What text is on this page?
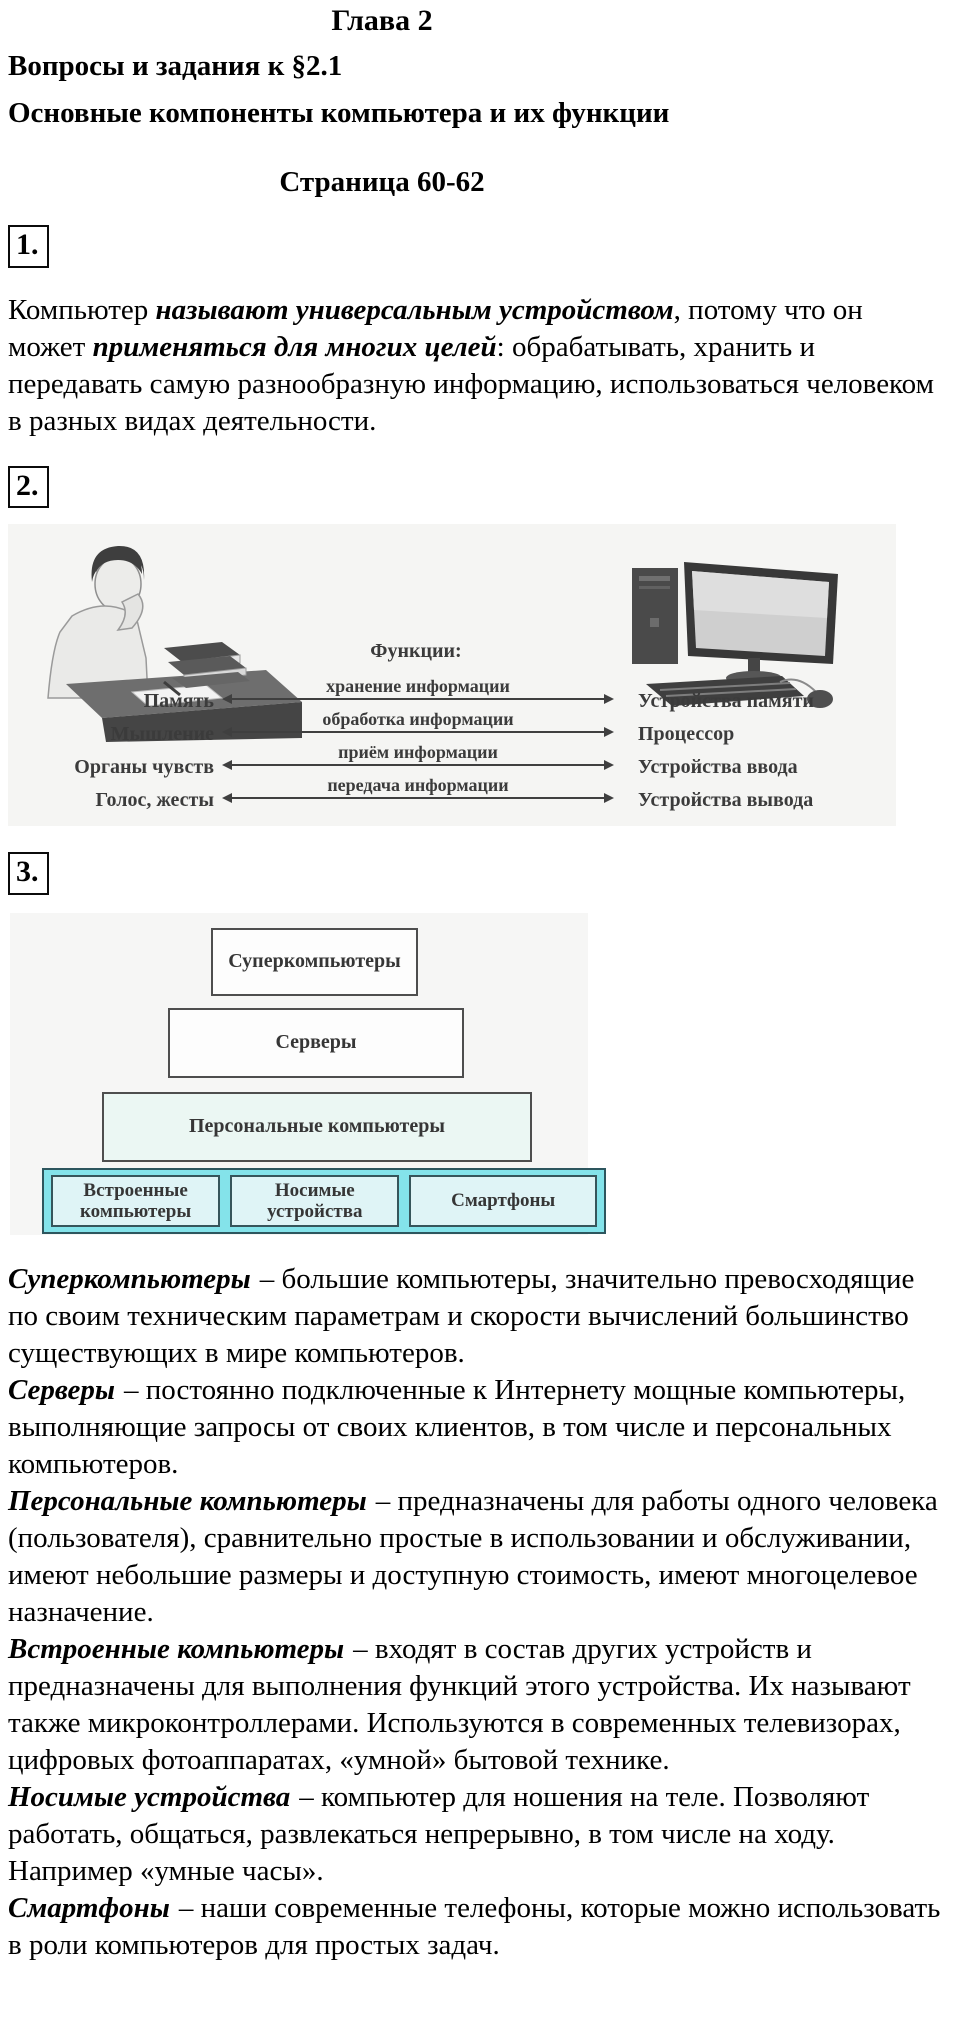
Глава 2
Вопросы и задания к §2.1
Основные компоненты компьютера и их функции
Страница 60-62
1.

Компьютер называют универсальным устройством, потому что он может применяться для многих целей: обрабатывать, хранить и передавать самую разнообразную информацию, использоваться человеком в разных видах деятельности.

2.
Функции:
Память
хранение информации
Устройства памяти
Мышление
обработка информации
Процессор
Органы чувств
приём информации
Устройства ввода
Голос, жесты
передача информации
Устройства вывода
3.
Суперкомпьютеры
Серверы
Персональные компьютеры
Встроенные компьютеры
Носимые устройства	Смартфоны

Суперкомпьютеры – большие компьютеры, значительно превосходящие по своим техническим параметрам и скорости вычислений большинство существующих в мире компьютеров.

Серверы – постоянно подключенные к Интернету мощные компьютеры, выполняющие запросы от своих клиентов, в том числе и персональных компьютеров.

Персональные компьютеры – предназначены для работы одного человека (пользователя), сравнительно простые в использовании и обслуживании, имеют небольшие размеры и доступную стоимость, имеют многоцелевое назначение.

Встроенные компьютеры – входят в состав других устройств и предназначены для выполнения функций этого устройства. Их называют также микроконтроллерами. Используются в современных телевизорах, цифровых фотоаппаратах, «умной» бытовой технике.

Носимые устройства – компьютер для ношения на теле. Позволяют работать, общаться, развлекаться непрерывно, в том числе на ходу. Например «умные часы».

Смартфоны – наши современные телефоны, которые можно использовать в роли компьютеров для простых задач.
